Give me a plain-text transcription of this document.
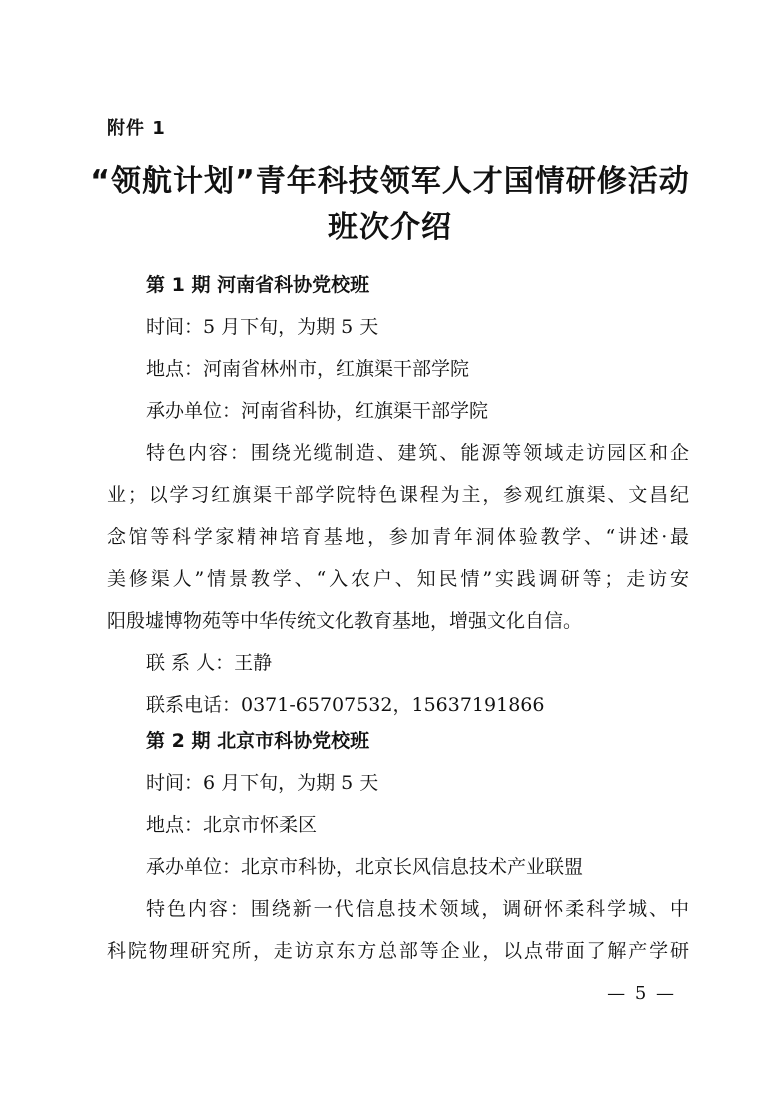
附件 1
“领航计划”青年科技领军人才国情研修活动
班次介绍
第 1 期 河南省科协党校班
时间：5 月下旬，为期 5 天
地点：河南省林州市，红旗渠干部学院
承办单位：河南省科协，红旗渠干部学院
特色内容：围绕光缆制造、建筑、能源等领域走访园区和企
业；以学习红旗渠干部学院特色课程为主，参观红旗渠、文昌纪
念馆等科学家精神培育基地，参加青年洞体验教学、“讲述·最
美修渠人”情景教学、“入农户、知民情”实践调研等；走访安
阳殷墟博物苑等中华传统文化教育基地，增强文化自信。
联 系 人：王静
联系电话：0371-65707532，15637191866
第 2 期 北京市科协党校班
时间：6 月下旬，为期 5 天
地点：北京市怀柔区
承办单位：北京市科协，北京长风信息技术产业联盟
特色内容：围绕新一代信息技术领域，调研怀柔科学城、中
科院物理研究所，走访京东方总部等企业，以点带面了解产学研
— 5 —
